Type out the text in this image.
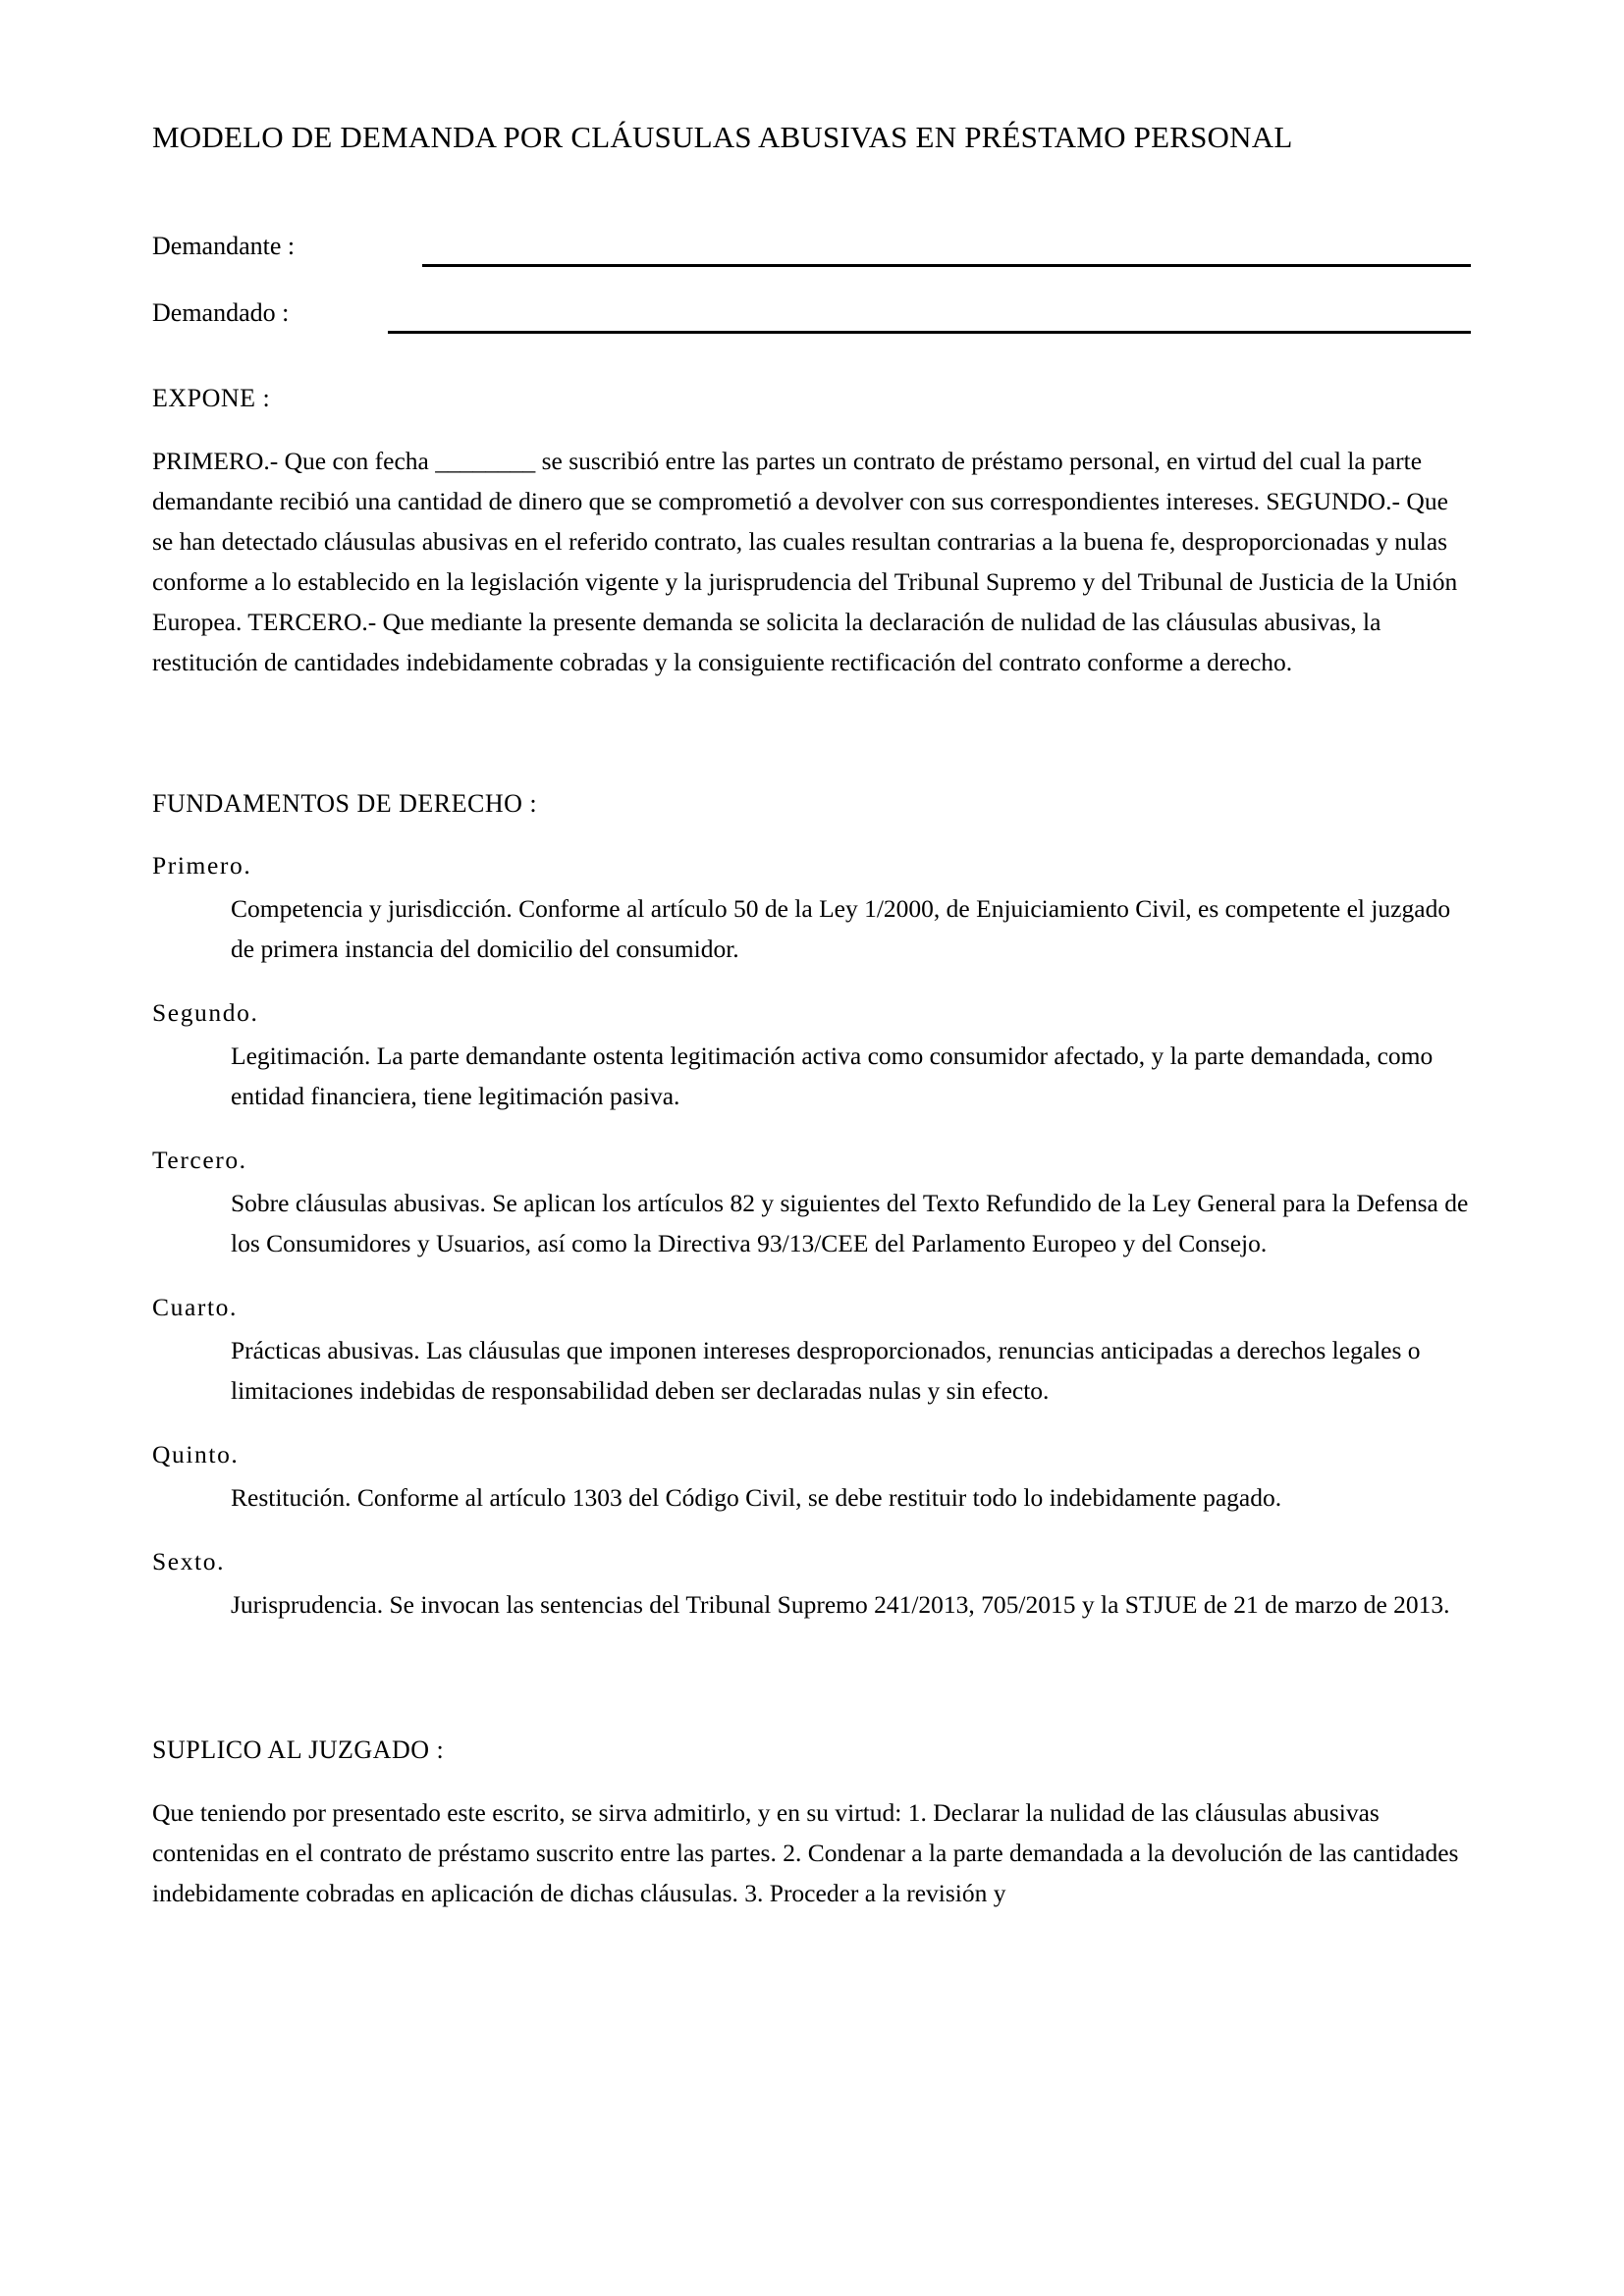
MODELO DE DEMANDA POR CLÁUSULAS ABUSIVAS EN PRÉSTAMO PERSONAL
Demandante :
Demandado :
EXPONE :

PRIMERO.- Que con fecha ________ se suscribió entre las partes un contrato de préstamo personal, en virtud del cual la parte demandante recibió una cantidad de dinero que se comprometió a devolver con sus correspondientes intereses. SEGUNDO.- Que se han detectado cláusulas abusivas en el referido contrato, las cuales resultan contrarias a la buena fe, desproporcionadas y nulas conforme a lo establecido en la legislación vigente y la jurisprudencia del Tribunal Supremo y del Tribunal de Justicia de la Unión Europea. TERCERO.- Que mediante la presente demanda se solicita la declaración de nulidad de las cláusulas abusivas, la restitución de cantidades indebidamente cobradas y la consiguiente rectificación del contrato conforme a derecho.

FUNDAMENTOS DE DERECHO :

Primero.

Competencia y jurisdicción. Conforme al artículo 50 de la Ley 1/2000, de Enjuiciamiento Civil, es competente el juzgado de primera instancia del domicilio del consumidor.

Segundo.

Legitimación. La parte demandante ostenta legitimación activa como consumidor afectado, y la parte demandada, como entidad financiera, tiene legitimación pasiva.

Tercero.

Sobre cláusulas abusivas. Se aplican los artículos 82 y siguientes del Texto Refundido de la Ley General para la Defensa de los Consumidores y Usuarios, así como la Directiva 93/13/CEE del Parlamento Europeo y del Consejo.

Cuarto.

Prácticas abusivas. Las cláusulas que imponen intereses desproporcionados, renuncias anticipadas a derechos legales o limitaciones indebidas de responsabilidad deben ser declaradas nulas y sin efecto.

Quinto.

Restitución. Conforme al artículo 1303 del Código Civil, se debe restituir todo lo indebidamente pagado.

Sexto.

Jurisprudencia. Se invocan las sentencias del Tribunal Supremo 241/2013, 705/2015 y la STJUE de 21 de marzo de 2013.

SUPLICO AL JUZGADO :

Que teniendo por presentado este escrito, se sirva admitirlo, y en su virtud: 1. Declarar la nulidad de las cláusulas abusivas contenidas en el contrato de préstamo suscrito entre las partes. 2. Condenar a la parte demandada a la devolución de las cantidades indebidamente cobradas en aplicación de dichas cláusulas. 3. Proceder a la revisión y
